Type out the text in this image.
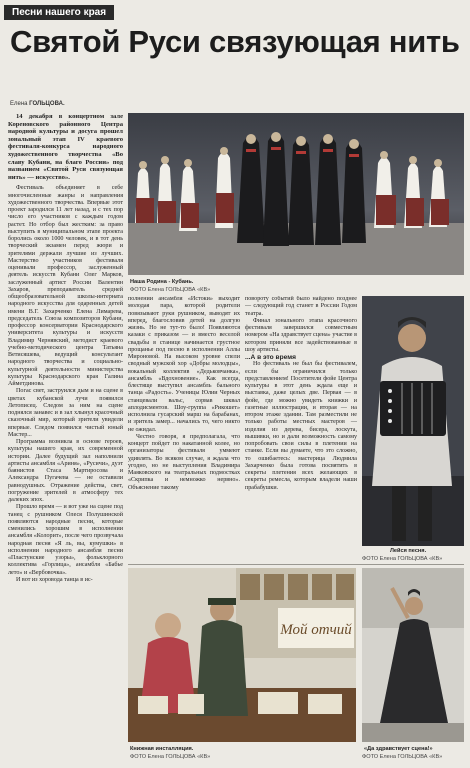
Песни нашего края
Святой Руси связующая нить
Елена ГОЛЬЦОВА.

14 декабря в концертном зале Кореновского районного Центра народной культуры и досуга прошел зональный этап IV краевого фестиваля-конкурса народного художественного творчества «Во славу Кубани, на благо России» под названием «Святой Руси связующая нить» — искусство».

Фестиваль объединяет в себе многочисленные жанры и направления художественного творчества. Впервые этот проект зародился 11 лет назад, и с тех пор число его участников с каждым годом растет. Но отбор был жестким: за право выступить в муниципальном этапе проекта боролись около 1000 человек, и в тот день творческий экзамен перед жюри и зрителями держали лучшие из лучших. Мастерство участников фестиваля оценивали профессор, заслуженный деятель искусств Кубани Олег Марков, заслуженный артист России Валентин Захаров, преподаватель средней общеобразовательной школы-интерната народного искусства для одаренных детей имени В.Г. Захарченко Елена Лимарева, председатель Союза композиторов Кубани, профессор консерватории Краснодарского университета культуры и искусств Владимир Чернявский, методист краевого учебно-методического центра Татьяна Ветисяшева, ведущий консультант народного творчества и социально-культурной деятельности министерства культуры Краснодарского края Галина Айметдинова.

Погас свет, заструился дым и на сцене в цветах кубанской лучи появился Летописец. Следом за ним на сцене поднялся занавес и в зал хлынул красочный сказочный мир, который зрители увидели впервые. Следом появился чистый юный Мастер...

Программа возникла в основе героев, культуры нашего края, их современной истории. Далее будущий зал наполнили артисты ансамбля «Ариня», «Русичи», дуэт баянистов Стаса Мартиросова и Александра Пугачева — не оставили равнодушных. Отражение действа, свет, погружение зрителей в атмосферу тех далеких эпох.

Прошло время — и вот уже на сцене под танец с рушником Олеся Полушинской появляются народные песни, которые сменились хорошим в исполнении ансамбля «Колорит», после чего прозвучала народная песня «Я ль, вы, кумушки» в исполнении народного ансамбля песни «Пластунские узоры», фольклорного коллектива «Горлица», ансамбля «Бабье лето» и «Вербовочка».

И вот из хоровода танца в ис-

Наша Родина - Кубань.
ФОТО Елена ГОЛЬЦОВА «КВ»

полнении ансамбля «Истоки» выходит молодая пара, которой родители повязывают руки рушником, выводят их вперед, благословив детей на долгую жизнь. Но не тут-то было! Появляются казаки с приказом — и вместо веселой свадьбы в станице начинается грустное прощанье под песню в исполнении Аллы Мироновой. На высоком уровне спели сводный мужской хор «Добры молодцы», вокальный коллектив «Дедьковчанка», ансамбль «Вдохновение». Как всегда, блестяще выступил ансамбль бального танца «Радость». Ученицы Юлии Черных станцевали вальс, сорвав шквал аплодисментов. Шоу-группа «Рикошет» исполнила гусарский марш на барабанах, и зритель замер... начались то, чего никто не ожидал.

Честно говоря, я предполагала, что концерт пойдет по накатанной колее, но организаторы фестиваля уммеют удивлять. Во всяком случае, я ждала что угодно, но не выступления Владимира Маяковского на театральных подмостках «Скрипка и немножко нервно». Объяснение такому

повороту событий было найдено позднее — следующий год станет в России Годом театра.

Финал зонального этапа красочного фестиваля завершился совместным номером «На здравствует сцена» участие в котором приняли все задействованные в шоу артисты.

...А в это время

Но фестиваль не был бы фестивалем, если бы ограничился только представлением! Посетители фойе Центра культуры в этот день ждала еще и выставка, даже целых две. Первая — в фойе, где можно увидеть книжки и газетные иллюстрации, и вторая — на втором этаже здании. Там разместили не только работы местных мастеров — изделия из дерева, бисера, лоскута, вышивки, но и дали возможность самому попробовать свои силы в плетении на станке. Если вы думаете, что это сложно, то ошибаетесь: мастерица Людмила Захарченко была готова посвятить в секреты плетения всех желающих в секреты ремесла, которым владели наши прабабушки.

Лейся песня.
ФОТО Елена ГОЛЬЦОВА «КВ»
Мой отчий
Книжная инсталляция.
ФОТО Елена ГОЛЬЦОВА «КВ»
«Да здравствует сцена!»
ФОТО Елена ГОЛЬЦОВА «КВ»
